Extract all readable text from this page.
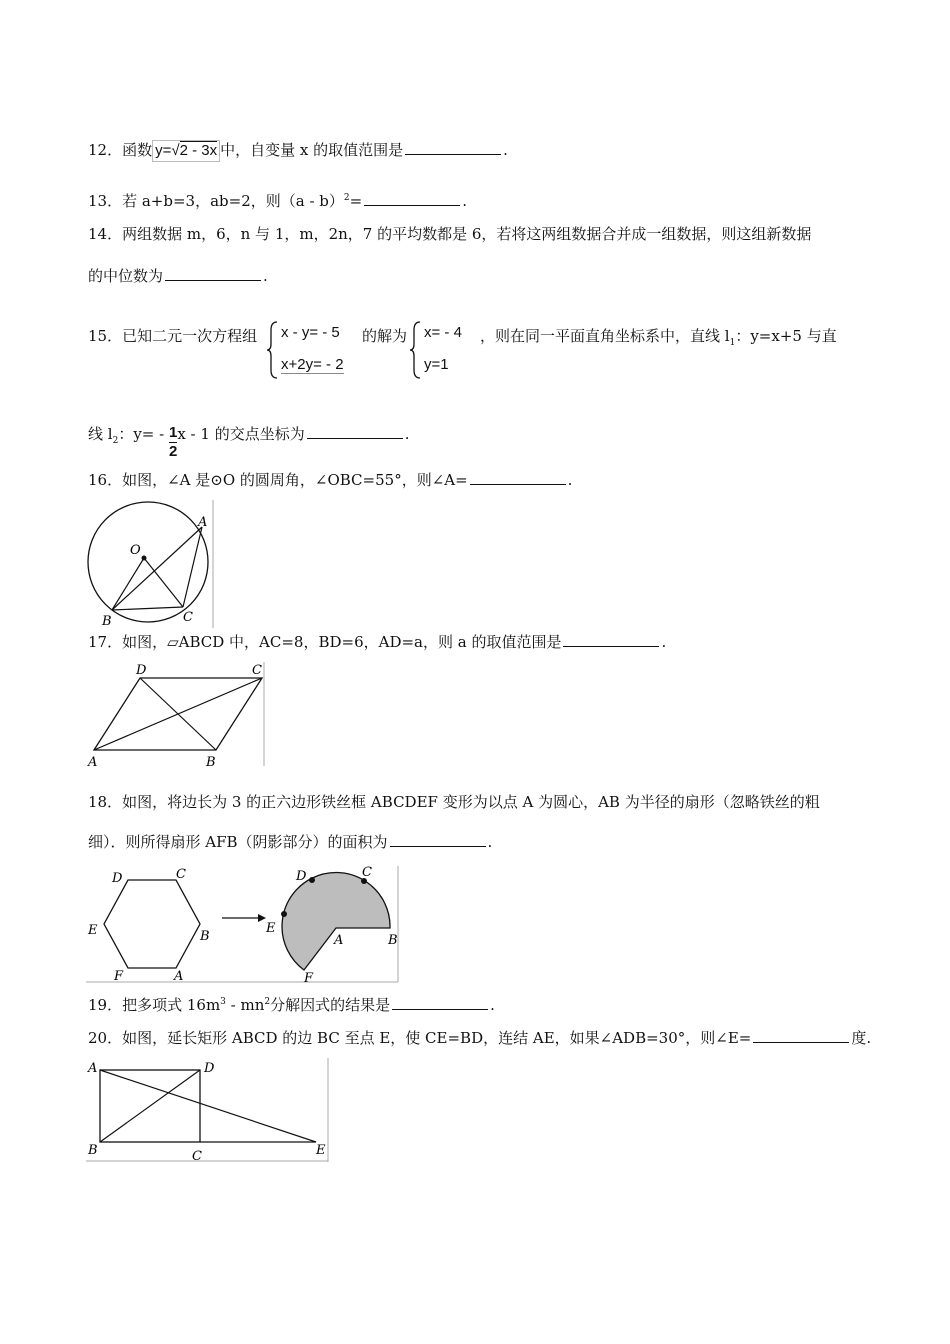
12．函数 y=√2 - 3x 中，自变量 x 的取值范围是	.
13．若 a+b=3，ab=2，则（a - b）$^2$=	.
14．两组数据 m，6，n 与 1，m，2n，7 的平均数都是 6，若将这两组数据合并成一组数据，则这组新数据
的中位数为	.
15．已知二元一次方程组 x - y= - 5
x+2y= - 2
的解为 x= - 4
y=1
，则在同一平面直角坐标系中，直线 $l_1$：y=x+5 与直
线 $l_2$：$y= - \frac{1}{2}$ x - 1 的交点坐标为	.
16．如图，∠A 是⊙O 的圆周角，∠OBC=55°，则∠A=	.
A
O
B	C
17．如图，▱ABCD 中，AC=8，BD=6，AD=a，则 a 的取值范围是	.
D	C
A	B
18．如图，将边长为 3 的正六边形铁丝框 ABCDEF 变形为以点 A 为圆心，AB 为半径的扇形（忽略铁丝的粗
细）．则所得扇形 AFB（阴影部分）的面积为	.
D	C
E	B
F	A
D	C
E
A	B
F
19．把多项式 $16m^3 - mn^2$分解因式的结果是	.
20．如图，延长矩形 ABCD 的边 BC 至点 E，使 CE=BD，连结 AE，如果∠ADB=30°，则∠E=	度.
A	D
B	C	E
